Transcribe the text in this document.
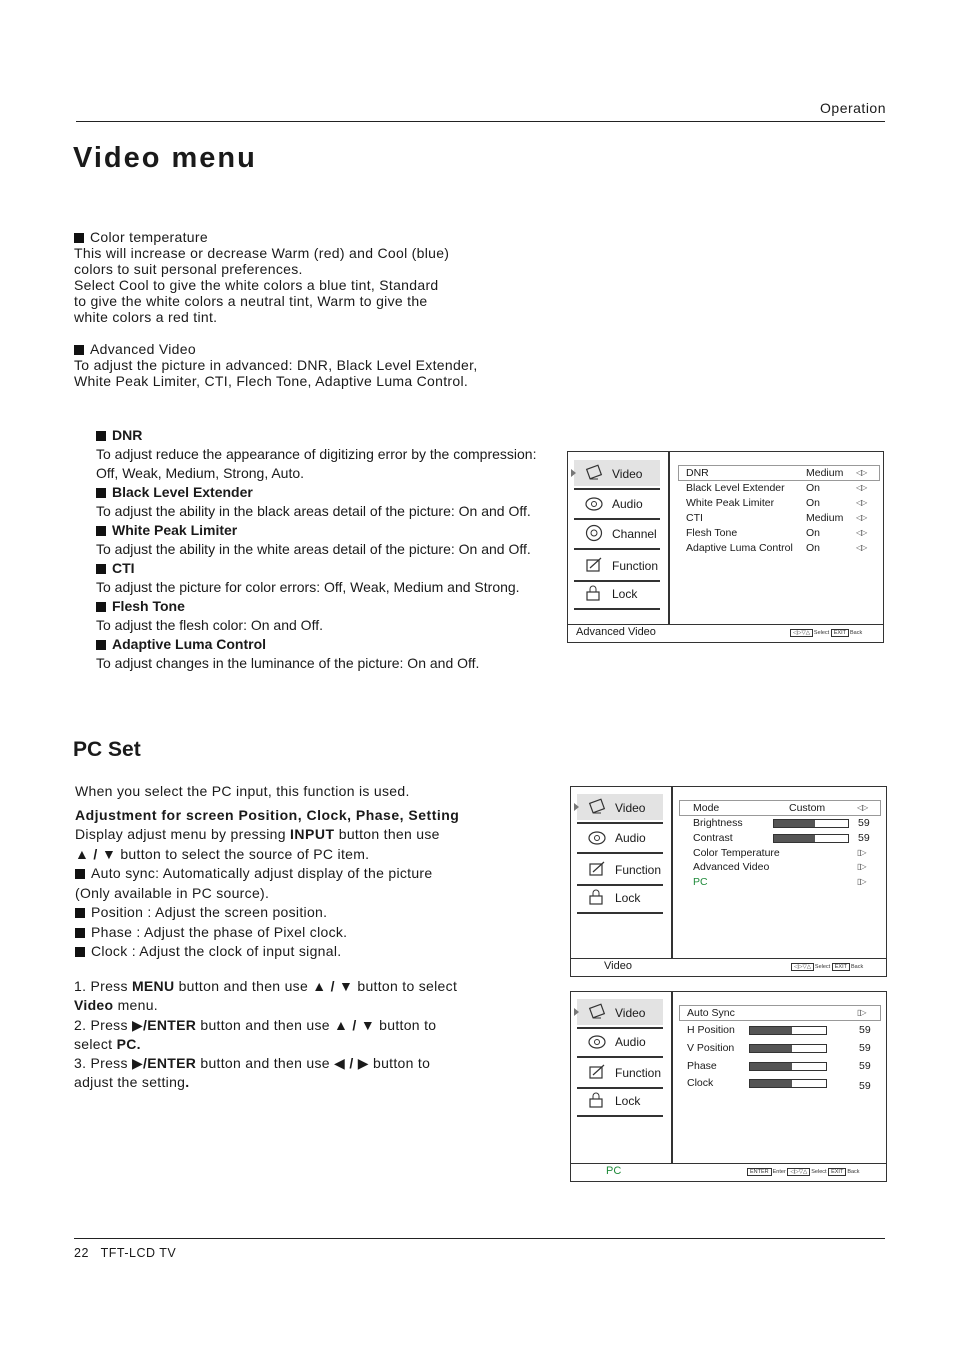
Operation
Video menu

Color temperature

This will increase or decrease Warm (red) and Cool (blue)

colors to suit personal preferences.

Select Cool to give the white colors a blue tint, Standard

to give the white colors a neutral tint, Warm to give the

white colors a red tint.

Advanced Video

To adjust the picture in advanced: DNR, Black Level Extender,

White Peak Limiter, CTI, Flech Tone, Adaptive Luma Control.

DNR
To adjust reduce the appearance of digitizing error by the compression:
Off, Weak, Medium, Strong, Auto.
Black Level Extender
To adjust the ability in the black areas detail of the picture: On and Off.
White Peak Limiter
To adjust the ability in the white areas detail of the picture: On and Off.
CTI
To adjust the picture for color errors: Off, Weak, Medium and Strong.
Flesh Tone
To adjust the flesh color: On and Off.
Adaptive Luma Control
To adjust changes in the luminance of the picture: On and Off.
Video
Audio
Channel
Function
Lock
DNR	Medium ◁▷
Black Level Extender On	◁▷
White Peak Limiter	On	◁▷
CTI	Medium ◁▷
Flesh Tone	On	◁▷
Adaptive Luma Control On	◁▷
Advanced Video	◁▷▽△ Select EXIT Back
PC Set
When you select the PC input, this function is used.
Adjustment for screen Position, Clock, Phase, Setting
Display adjust menu by pressing INPUT button then use
▲ / ▼ button to select the source of PC item.
Auto sync: Automatically adjust display of the picture
(Only available in PC source).
Position : Adjust the screen position.
Phase : Adjust the phase of Pixel clock.
Clock : Adjust the clock of input signal.
1. Press MENU button and then use ▲ / ▼ button to select
Video menu.
2. Press ▶/ENTER button and then use ▲ / ▼ button to
select PC.
3. Press ▶/ENTER button and then use ◀ / ▶ button to
adjust the setting.
Video
Audio
Function
Lock
Mode	Custom	◁▷
Brightness	59
Contrast	59
Color Temperature	▯▷
Advanced Video	▯▷
PC	▯▷
Video	◁▷▽△ Select EXIT Back
Video
Audio
Function
Lock
Auto Sync	▯▷
H Position	59
V Position	59
Phase	59
Clock	59
PC	ENTER Enter ◁▷▽△ Select EXIT Back
22 TFT-LCD TV
